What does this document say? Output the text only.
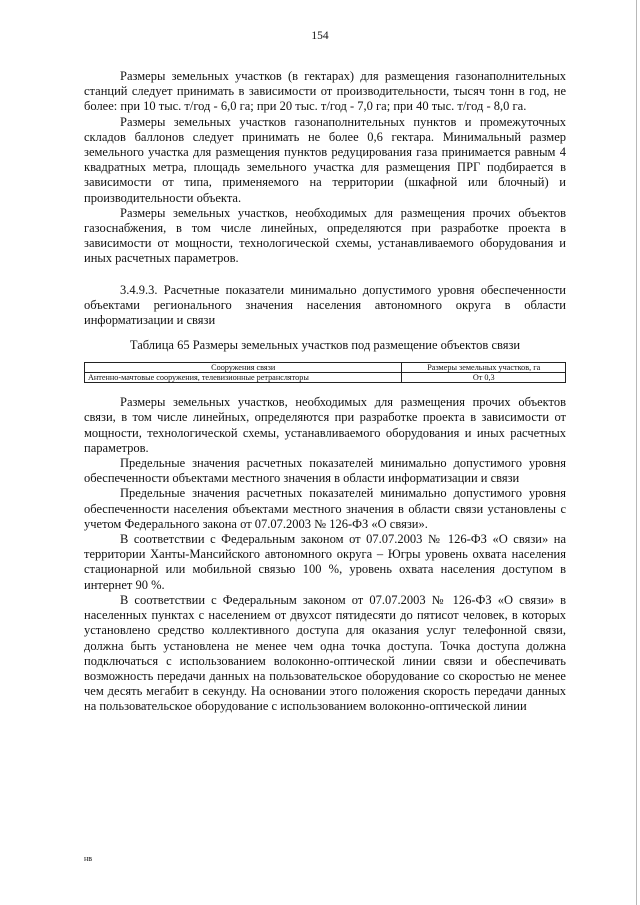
154

Размеры земельных участков (в гектарах) для размещения газонаполнительных станций следует принимать в зависимости от производительности, тысяч тонн в год, не более: при 10 тыс. т/год - 6,0 га; при 20 тыс. т/год - 7,0 га; при 40 тыс. т/год - 8,0 га.

Размеры земельных участков газонаполнительных пунктов и промежуточных складов баллонов следует принимать не более 0,6 гектара. Минимальный размер земельного участка для размещения пунктов редуцирования газа принимается равным 4 квадратных метра, площадь земельного участка для размещения ПРГ подбирается в зависимости от типа, применяемого на территории (шкафной или блочный) и производительности объекта.

Размеры земельных участков, необходимых для размещения прочих объектов газоснабжения, в том числе линейных, определяются при разработке проекта в зависимости от мощности, технологической схемы, устанавливаемого оборудования и иных расчетных параметров.

3.4.9.3. Расчетные показатели минимально допустимого уровня обеспеченности объектами регионального значения населения автономного округа в области информатизации и связи

Таблица 65 Размеры земельных участков под размещение объектов связи

Сооружения связи	Размеры земельных участков, га
Антенно-мачтовые сооружения, телевизионные ретрансляторы	От 0,3

Размеры земельных участков, необходимых для размещения прочих объектов связи, в том числе линейных, определяются при разработке проекта в зависимости от мощности, технологической схемы, устанавливаемого оборудования и иных расчетных параметров.

Предельные значения расчетных показателей минимально допустимого уровня обеспеченности объектами местного значения в области информатизации и связи

Предельные значения расчетных показателей минимально допустимого уровня обеспеченности населения объектами местного значения в области связи установлены с учетом Федерального закона от 07.07.2003 № 126-ФЗ «О связи».

В соответствии с Федеральным законом от 07.07.2003 № 126-ФЗ «О связи» на территории Ханты-Мансийского автономного округа – Югры уровень охвата населения стационарной или мобильной связью 100 %, уровень охвата населения доступом в интернет 90 %.

В соответствии с Федеральным законом от 07.07.2003 № 126-ФЗ «О связи» в населенных пунктах с населением от двухсот пятидесяти до пятисот человек, в которых установлено средство коллективного доступа для оказания услуг телефонной связи, должна быть установлена не менее чем одна точка доступа. Точка доступа должна подключаться с использованием волоконно-оптической линии связи и обеспечивать возможность передачи данных на пользовательское оборудование со скоростью не менее чем десять мегабит в секунду. На основании этого положения скорость передачи данных на пользовательское оборудование с использованием волоконно-оптической линии

нв
